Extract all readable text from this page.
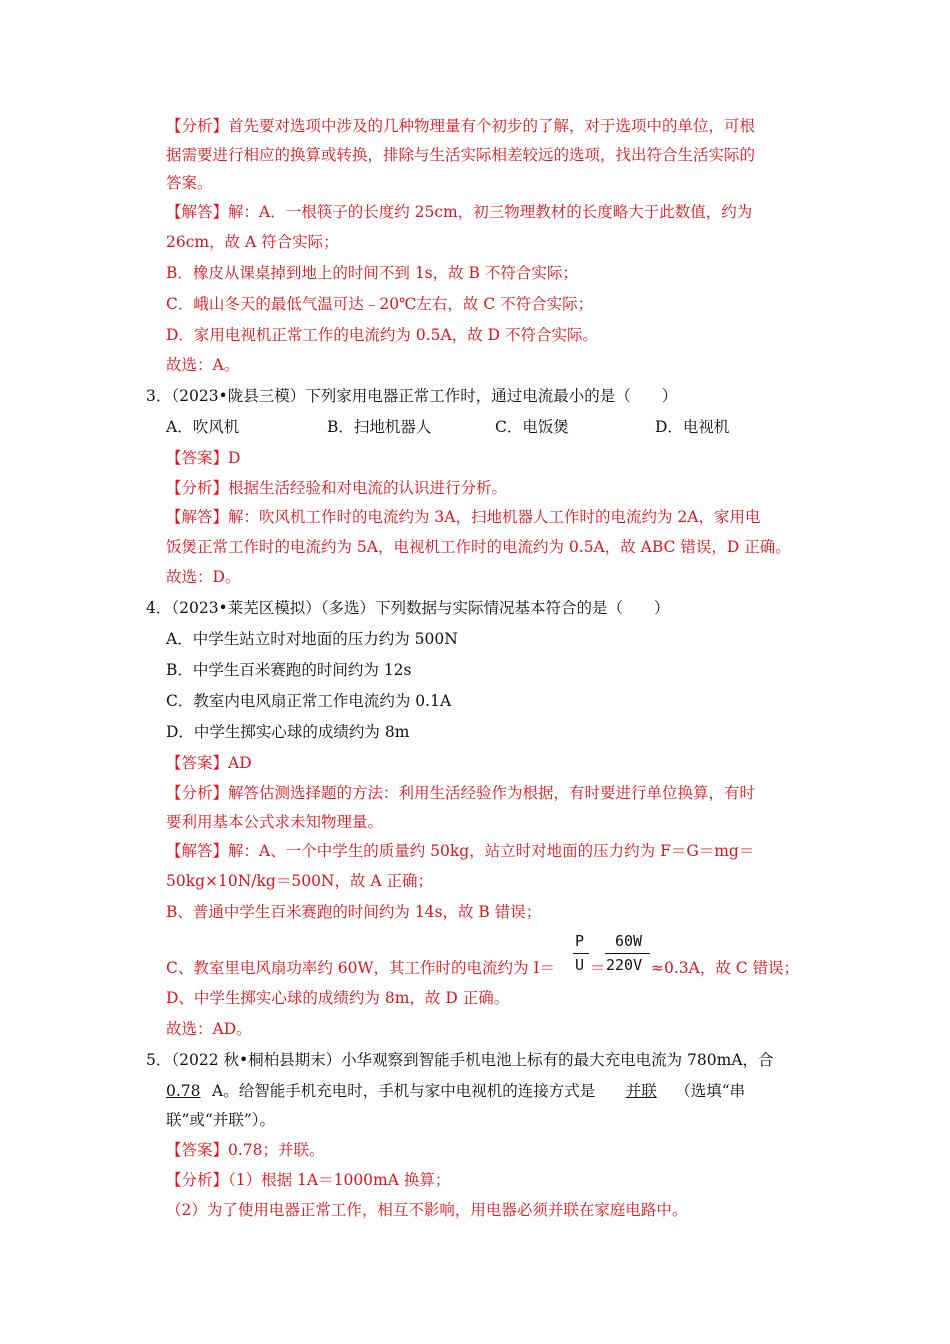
【分析】首先要对选项中涉及的几种物理量有个初步的了解，对于选项中的单位，可根
据需要进行相应的换算或转换，排除与生活实际相差较远的选项，找出符合生活实际的
答案。
【解答】解：A．一根筷子的长度约 25cm，初三物理教材的长度略大于此数值，约为
26cm，故 A 符合实际；
B．橡皮从课桌掉到地上的时间不到 1s，故 B 不符合实际；
C．峨山冬天的最低气温可达﹣20℃左右，故 C 不符合实际；
D．家用电视机正常工作的电流约为 0.5A，故 D 不符合实际。
故选：A。
3．（2023•陇县三模）下列家用电器正常工作时，通过电流最小的是（　　）
A．吹风机	B．扫地机器人	C．电饭煲	D．电视机
【答案】D
【分析】根据生活经验和对电流的认识进行分析。
【解答】解：吹风机工作时的电流约为 3A，扫地机器人工作时的电流约为 2A，家用电
饭煲正常工作时的电流约为 5A，电视机工作时的电流约为 0.5A，故 ABC 错误，D 正确。
故选：D。
4．（2023•莱芜区模拟）（多选）下列数据与实际情况基本符合的是（　　）
A．中学生站立时对地面的压力约为 500N
B．中学生百米赛跑的时间约为 12s
C．教室内电风扇正常工作电流约为 0.1A
D．中学生掷实心球的成绩约为 8m
【答案】AD
【分析】解答估测选择题的方法：利用生活经验作为根据，有时要进行单位换算，有时
要利用基本公式求未知物理量。
【解答】解：A、一个中学生的质量约 50kg，站立时对地面的压力约为 F＝G＝mg＝
50kg×10N/kg＝500N，故 A 正确；
B、普通中学生百米赛跑的时间约为 14s，故 B 错误；
C、教室里电风扇功率约 60W，其工作时的电流约为 I＝
P
U ＝
60W
220V ≈0.3A，故 C 错误；
D、中学生掷实心球的成绩约为 8m，故 D 正确。
故选：AD。
5．（2022 秋•桐柏县期末）小华观察到智能手机电池上标有的最大充电电流为 780mA，合
0.78 A。给智能手机充电时，手机与家中电视机的连接方式是 并联 （选填“串
联”或“并联”）。
【答案】0.78；并联。
【分析】（1）根据 1A＝1000mA 换算；
（2）为了使用电器正常工作，相互不影响，用电器必须并联在家庭电路中。
